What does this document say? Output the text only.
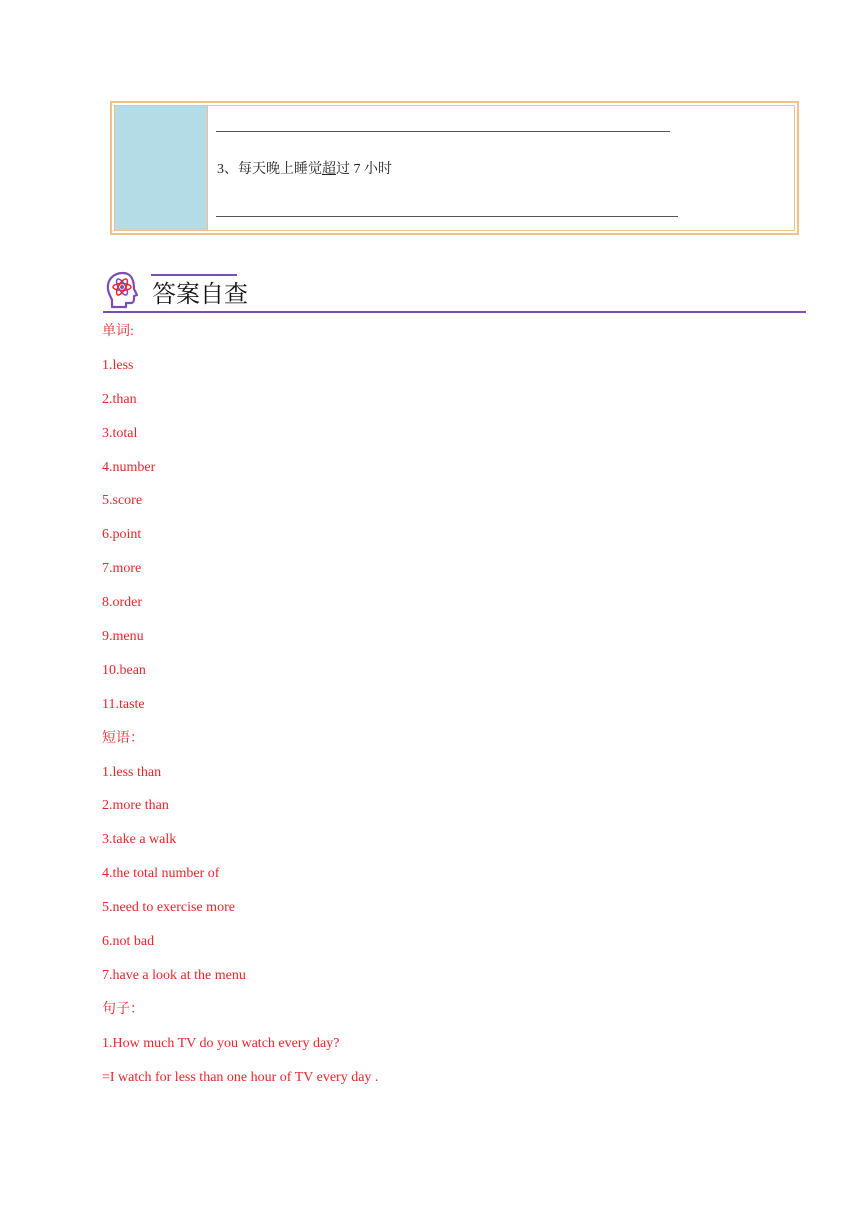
3、每天晚上睡觉超过 7 小时
答案自查
单词:
1.less
2.than
3.total
4.number
5.score
6.point
7.more
8.order
9.menu
10.bean
11.taste
短语：
1.less than
2.more than
3.take a walk
4.the total number of
5.need to exercise more
6.not bad
7.have a look at the menu
句子：
1.How much TV do you watch every day?
=I watch for less than one hour of TV every day .
